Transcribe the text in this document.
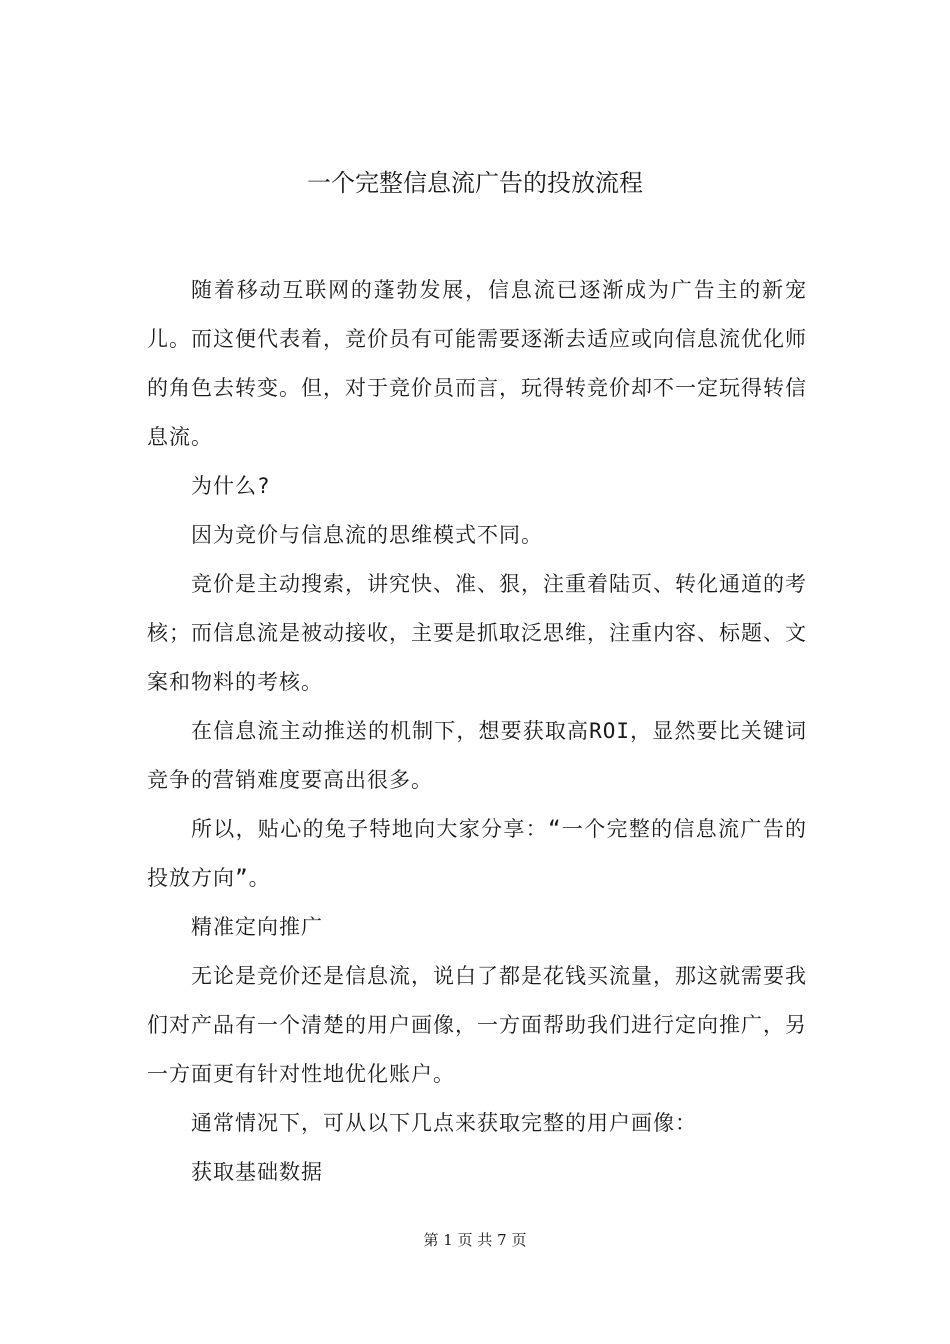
一个完整信息流广告的投放流程

随着移动互联网的蓬勃发展，信息流已逐渐成为广告主的新宠儿。而这便代表着，竞价员有可能需要逐渐去适应或向信息流优化师的角色去转变。但，对于竞价员而言，玩得转竞价却不一定玩得转信息流。

为什么?

因为竞价与信息流的思维模式不同。

竞价是主动搜索，讲究快、准、狠，注重着陆页、转化通道的考核；而信息流是被动接收，主要是抓取泛思维，注重内容、标题、文案和物料的考核。

在信息流主动推送的机制下，想要获取高ROI，显然要比关键词竞争的营销难度要高出很多。

所以，贴心的兔子特地向大家分享：“一个完整的信息流广告的投放方向”。

精准定向推广

无论是竞价还是信息流，说白了都是花钱买流量，那这就需要我们对产品有一个清楚的用户画像，一方面帮助我们进行定向推广，另一方面更有针对性地优化账户。

通常情况下，可从以下几点来获取完整的用户画像：

获取基础数据

第 1 页 共 7 页
